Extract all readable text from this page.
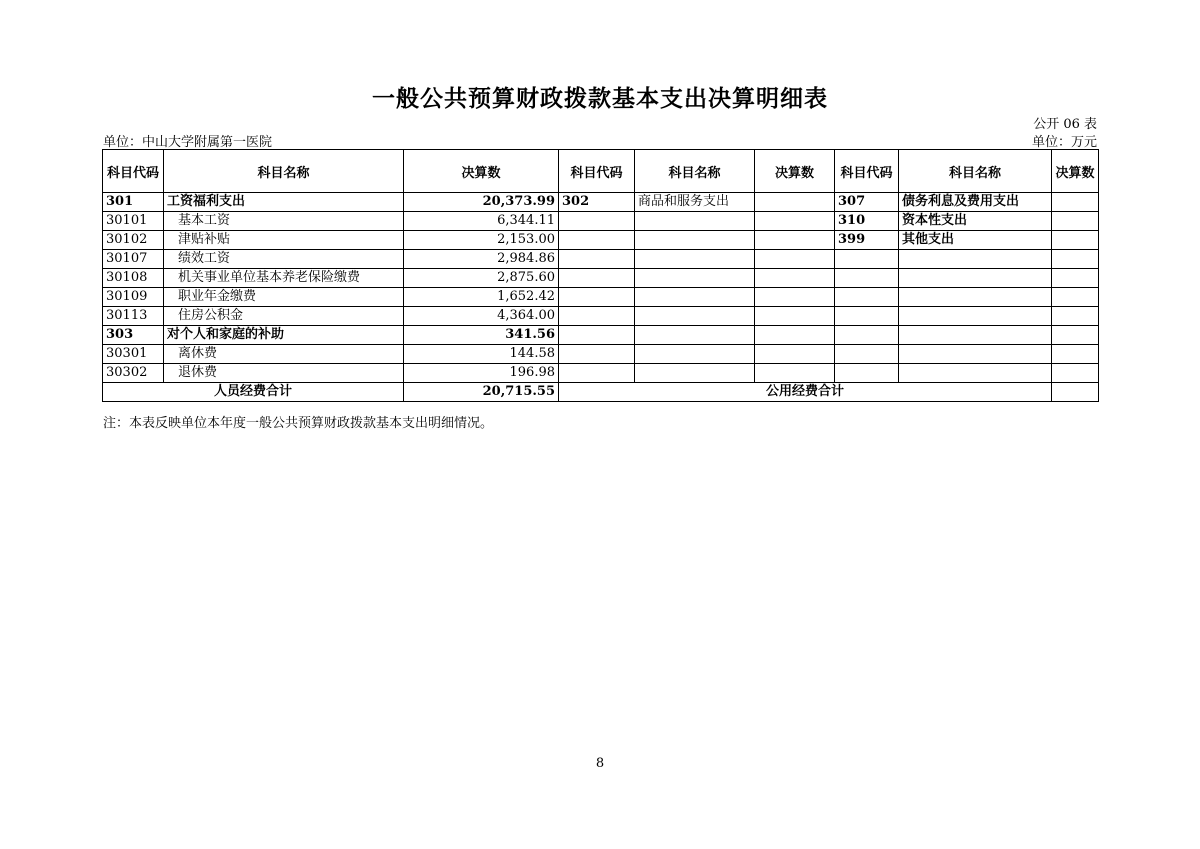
一般公共预算财政拨款基本支出决算明细表
公开 06 表
单位：中山大学附属第一医院	单位：万元
科目代码	科目名称	决算数	科目代码	科目名称	决算数	科目代码	科目名称	决算数
301	工资福利支出	20,373.99	302	商品和服务支出		307	债务利息及费用支出	
30101	基本工资	6,344.11				310	资本性支出	
30102	津贴补贴	2,153.00				399	其他支出	
30107	绩效工资	2,984.86						
30108	机关事业单位基本养老保险缴费	2,875.60						
30109	职业年金缴费	1,652.42						
30113	住房公积金	4,364.00						
303	对个人和家庭的补助	341.56						
30301	离休费	144.58						
30302	退休费	196.98						
人员经费合计		20,715.55	公用经费合计					
注：本表反映单位本年度一般公共预算财政拨款基本支出明细情况。
8
